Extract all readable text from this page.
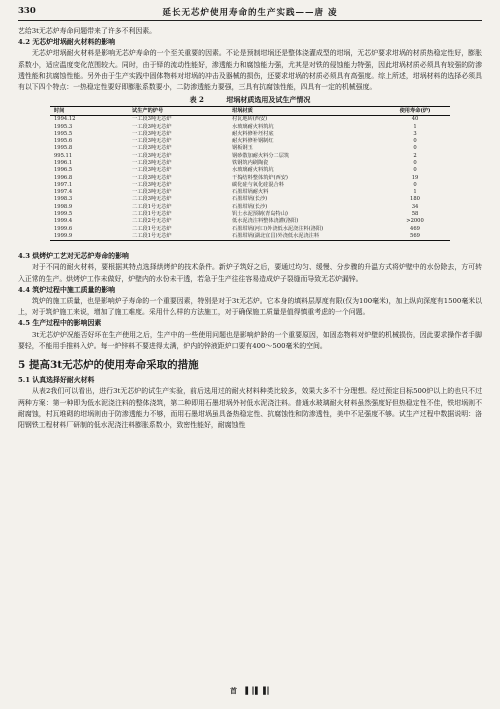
330	延长无芯炉使用寿命的生产实践——唐 凌

艺给3t无芯炉寿命问题带来了许多不利因素。

4.2 无芯炉坩埚耐火材料的影响

无芯炉坩埚耐火材料是影响无芯炉寿命的一个至关重要的因素。不论是预制坩埚还是整体浇灌成型的坩埚，无芯炉要求坩埚的材质热稳定性好，膨胀系数小，适应温度变化范围较大。同时，由于铎的流动性能好，渗透能力和腐蚀能力强，尤其是对铁的侵蚀能力特强，因此坩埚材质必须具有较强的防渗透性能和抗腐蚀性能。另外由于生产实践中固体物料对坩埚的冲击及器械的损伤，还要求坩埚的材质必须具有高强度。综上所述，坩埚材料的选择必须具有以下四个特点：一热稳定性要好即膨胀系数要小，二防渗透能力要强，三具有抗腐蚀性能，四具有一定的机械强度。

表 2	坩埚材质选用及试生产情况
时间	试生产的炉号	坩埚材质	使用寿命(炉)
1994.12	一工段3吨无芯炉	村瓦地砖(西安)	40
1995.3	一工段3吨无芯炉	水玻璃耐火料筑坑	1
1995.5	一工段3吨无芯炉	耐火料修补坯村底	3
1995.6	一工段3吨无芯炉	耐火料修补钢制红	0
1995.8	一工段3吨无芯炉	钢板钢玉	0
995.11	一工段3吨无芯炉	钢砂散加耐火料分二层筑	2
1996.1	一工段3吨无芯炉	铁钢筑内刷陶瓷	0
1996.5	一工段3吨无芯炉	水玻璃耐火料筑坑	0
1996.8	一工段3吨无芯炉	干捣结料整体筑炉(西安)	19
1997.1	一工段3吨无芯炉	碳化硅与氧化硅混合料	0
1997.4	一工段3吨无芯炉	石墨坩埚耐火料	1
1998.3	二工段3吨无芯炉	石墨坩埚(长沙)	180
1998.9	二工段1号无芯炉	石墨坩埚(长沙)	34
1999.5	二工段1号无芯炉	钒土水泥预制(青岛特山)	58
1999.4	二工段2号无芯炉	低水泥浇注料整体浇灌(洛阳)	>2000
1999.6	二工段1号无芯炉	石墨坩埚(河口)外浇低水泥浇注料(洛阳)	469
1999.9	二工段1号无芯炉	石墨坩埚(湖北宜昌)外浇低水泥浇注料	569
4.3 烘烤炉工艺对无芯炉寿命的影响

对于不同的耐火材料，要根据其特点选择烘烤炉的技术条件。新炉子筑好之后，要通过均匀、缓慢、分步骤的升温方式将炉壁中的水份除去，方可转入正常的生产。烘烤炉工作未做好，炉壁内的水份未干透，若急于生产往往容易造成炉子裂缝而导致无芯炉漏锌。

4.4 筑炉过程中施工质量的影响

筑炉的施工质量，也是影响炉子寿命的一个重要因素，特别是对于3t无芯炉。它本身的填料层厚度有限(仅为100毫米)，加上纵向深度有1500毫米以上，对于筑炉施工来说，增加了施工难度。采用什么样的方法施工，对于确保施工质量是值得慎重考虑的一个问题。

4.5 生产过程中的影响因素

3t无芯炉炉况能否好坏在生产使用之后，生产中的一些使用问题也是影响炉龄的一个重要原因，如固态物料对炉壁的机械损伤，因此要求操作者手脚要轻，不能用手推料入炉。每一炉锌料不要进得太满，炉内的锌液距炉口要有400～500毫米的空间。

5 提高3t无芯炉的使用寿命采取的措施
5.1 认真选择好耐火材料

从表2我们可以看出，进行3t无芯炉的试生产实验，前后选用过的耐火材料种类比较多，效果大多不十分理想。经过预定目标500炉以上的也只不过两种方案：第一种即为低水泥浇注料的整体浇筑，第二种即用石墨坩埚外衬低水泥浇注料。普通水玻璃耐火材料虽然强度好但热稳定性不佳，铁坩埚则不耐腐蚀，村瓦堆砌的坩埚则由于防渗透能力不够，而用石墨坩埚虽具备热稳定性、抗腐蚀性和防渗透性，美中不足强度不够。试生产过程中数据说明：洛阳钢铁工程材料厂研制的低水泥浇注料膨胀系数小，致密性能好，耐腐蚀性

首 ▌║▌▐║
